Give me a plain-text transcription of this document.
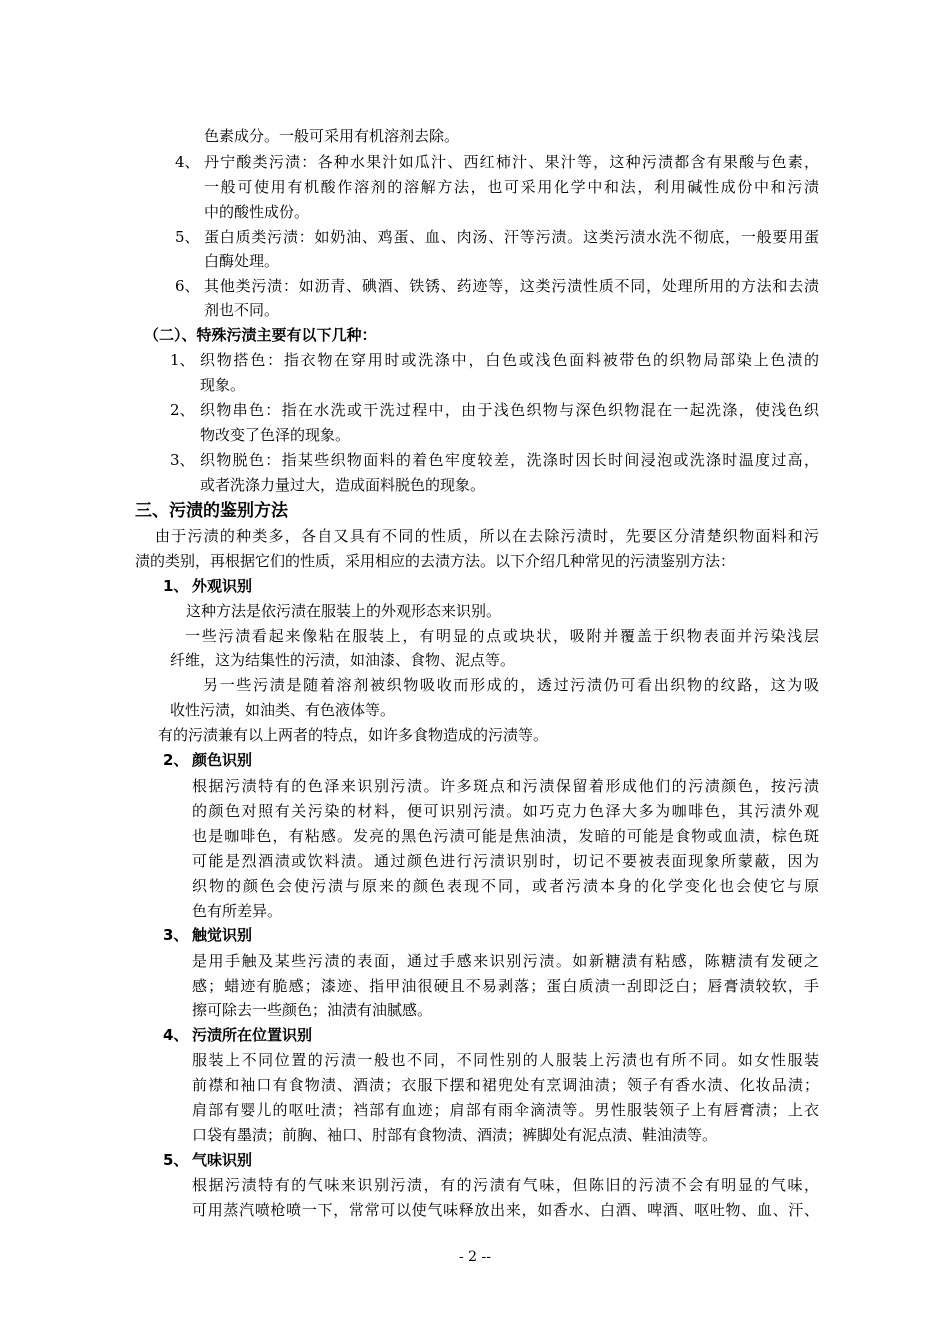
色素成分。一般可采用有机溶剂去除。
4、 丹宁酸类污渍：各种水果汁如瓜汁、西红柿汁、果汁等，这种污渍都含有果酸与色素，
一般可使用有机酸作溶剂的溶解方法，也可采用化学中和法，利用碱性成份中和污渍
中的酸性成份。
5、 蛋白质类污渍：如奶油、鸡蛋、血、肉汤、汗等污渍。这类污渍水洗不彻底，一般要用蛋
白酶处理。
6、 其他类污渍：如沥青、碘酒、铁锈、药迹等，这类污渍性质不同，处理所用的方法和去渍
剂也不同。
（二）、特殊污渍主要有以下几种：
1、 织物搭色：指衣物在穿用时或洗涤中，白色或浅色面料被带色的织物局部染上色渍的
现象。
2、 织物串色：指在水洗或干洗过程中，由于浅色织物与深色织物混在一起洗涤，使浅色织
物改变了色泽的现象。
3、 织物脱色：指某些织物面料的着色牢度较差，洗涤时因长时间浸泡或洗涤时温度过高，
或者洗涤力量过大，造成面料脱色的现象。
三、污渍的鉴别方法
由于污渍的种类多，各自又具有不同的性质，所以在去除污渍时，先要区分清楚织物面料和污
渍的类别，再根据它们的性质，采用相应的去渍方法。以下介绍几种常见的污渍鉴别方法：
1、 外观识别
这种方法是依污渍在服装上的外观形态来识别。
一些污渍看起来像粘在服装上，有明显的点或块状，吸附并覆盖于织物表面并污染浅层
纤维，这为结集性的污渍，如油漆、食物、泥点等。
另一些污渍是随着溶剂被织物吸收而形成的，透过污渍仍可看出织物的纹路，这为吸
收性污渍，如油类、有色液体等。
有的污渍兼有以上两者的特点，如许多食物造成的污渍等。
2、 颜色识别
根据污渍特有的色泽来识别污渍。许多斑点和污渍保留着形成他们的污渍颜色，按污渍
的颜色对照有关污染的材料，便可识别污渍。如巧克力色泽大多为咖啡色，其污渍外观
也是咖啡色，有粘感。发亮的黑色污渍可能是焦油渍，发暗的可能是食物或血渍，棕色斑
可能是烈酒渍或饮料渍。通过颜色进行污渍识别时，切记不要被表面现象所蒙蔽，因为
织物的颜色会使污渍与原来的颜色表现不同，或者污渍本身的化学变化也会使它与原
色有所差异。
3、 触觉识别
是用手触及某些污渍的表面，通过手感来识别污渍。如新糖渍有粘感，陈糖渍有发硬之
感；蜡迹有脆感；漆迹、指甲油很硬且不易剥落；蛋白质渍一刮即泛白；唇膏渍较软，手
擦可除去一些颜色；油渍有油腻感。
4、 污渍所在位置识别
服装上不同位置的污渍一般也不同，不同性别的人服装上污渍也有所不同。如女性服装
前襟和袖口有食物渍、酒渍；衣服下摆和裙兜处有烹调油渍；领子有香水渍、化妆品渍；
肩部有婴儿的呕吐渍；裆部有血迹；肩部有雨伞滴渍等。男性服装领子上有唇膏渍；上衣
口袋有墨渍；前胸、袖口、肘部有食物渍、酒渍；裤脚处有泥点渍、鞋油渍等。
5、 气味识别
根据污渍特有的气味来识别污渍，有的污渍有气味，但陈旧的污渍不会有明显的气味，
可用蒸汽喷枪喷一下，常常可以使气味释放出来，如香水、白酒、啤酒、呕吐物、血、汗、
- 2 --
